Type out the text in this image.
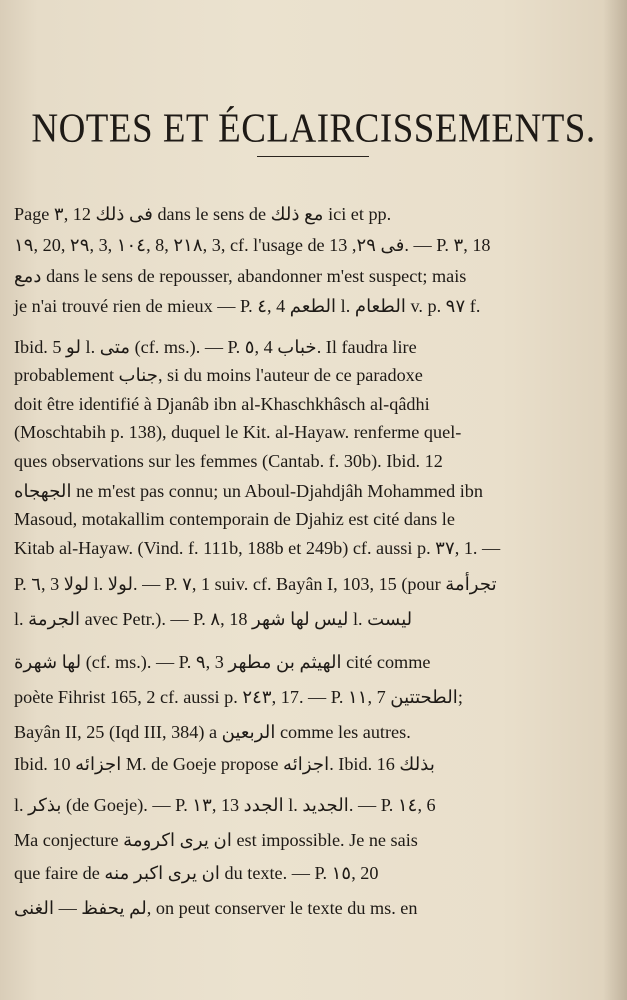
NOTES ET ÉCLAIRCISSEMENTS.
Page ٣, 12 فى ذلك dans le sens de مع ذلك ici et pp.
١٩, 20, ٢٩, 3, ١٠٤, 8, ٢١٨, 3, cf. l'usage de فى ٢٩, 13. — P. ٣, 18
دمع dans le sens de repousser, abandonner m'est suspect; mais
je n'ai trouvé rien de mieux — P. ٤, 4 الطعم l. الطعام v. p. ٩٧ f.
Ibid. 5 لو l. متى (cf. ms.). — P. ٥, 4 خباب. Il faudra lire
probablement جناب, si du moins l'auteur de ce paradoxe
doit être identifié à Djanâb ibn al-Khaschkhâsch al-qâdhi
(Moschtabih p. 138), duquel le Kit. al-Hayaw. renferme quel-
ques observations sur les femmes (Cantab. f. 30b). Ibid. 12
الجهجاه ne m'est pas connu; un Aboul-Djahdjâh Mohammed ibn
Masoud, motakallim contemporain de Djahiz est cité dans le
Kitab al-Hayaw. (Vind. f. 111b, 188b et 249b) cf. aussi p. ٣٧, 1. —
P. ٦, 3 لولا l. لولا. — P. ٧, 1 suiv. cf. Bayân I, 103, 15 (pour تجرأمة
l. الجرمة avec Petr.). — P. ٨, 18 ليس لها شهر l. ليست
لها شهرة (cf. ms.). — P. ٩, 3 الهيثم بن مطهر cité comme
poète Fihrist 165, 2 cf. aussi p. ٢٤٣, 17. — P. ١١, 7 الطحتتين;
Bayân II, 25 (Iqd III, 384) a الربعين comme les autres.
Ibid. 10 اجزائه M. de Goeje propose اجزائه. Ibid. 16 بذلك
l. بذكر (de Goeje). — P. ١٣, 13 الجدد l. الجديد. — P. ١٤, 6
Ma conjecture ان يرى اكرومة est impossible. Je ne sais
que faire de ان يرى اكبر منه du texte. — P. ١٥, 20
لم يحفظ — الغنى, on peut conserver le texte du ms. en
